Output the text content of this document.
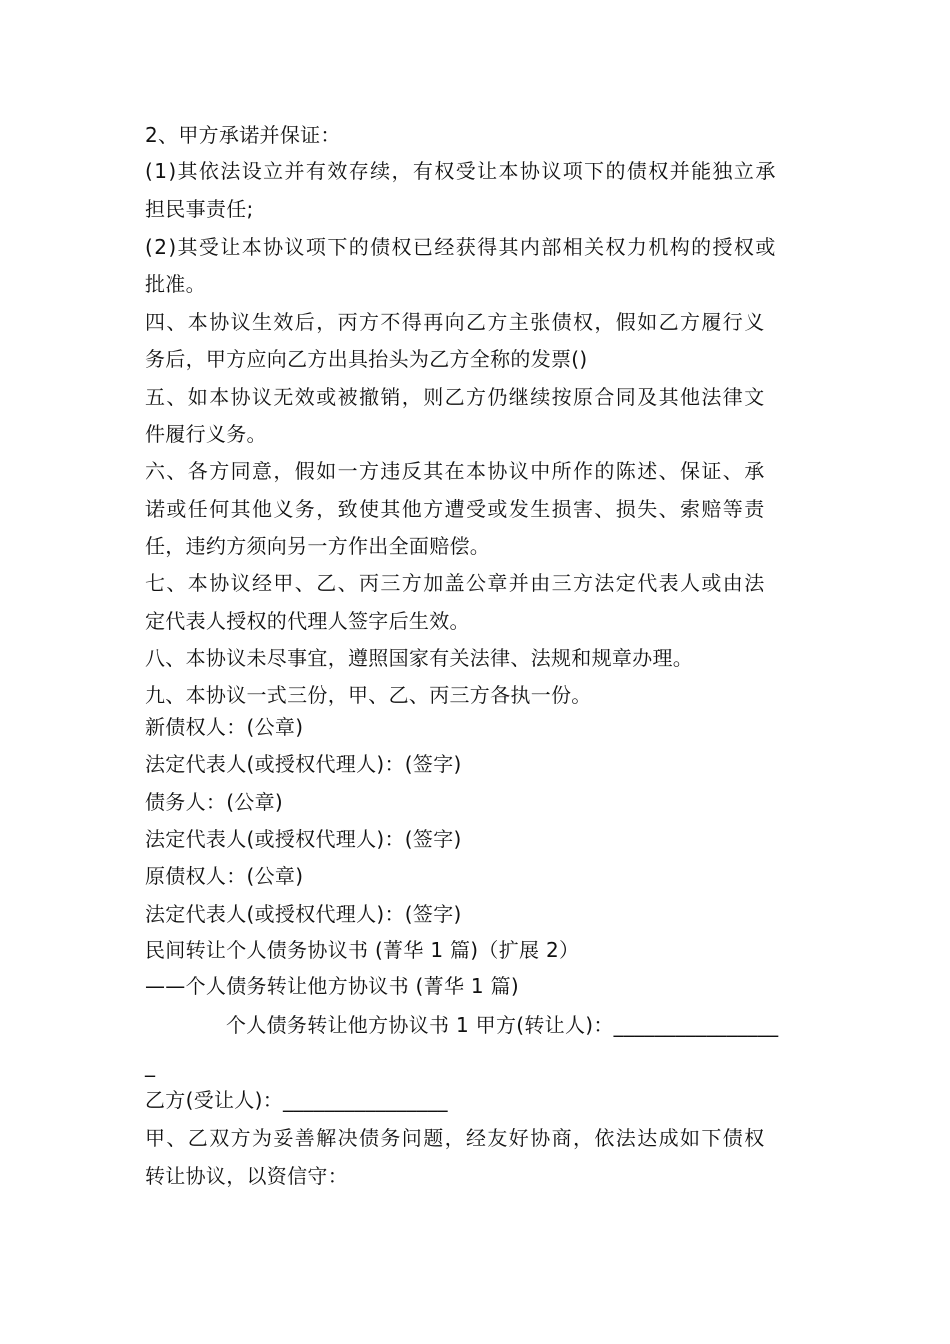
2、甲方承诺并保证：
(1)其依法设立并有效存续，有权受让本协议项下的债权并能独立承
担民事责任;
(2)其受让本协议项下的债权已经获得其内部相关权力机构的授权或
批准。
四、本协议生效后，丙方不得再向乙方主张债权，假如乙方履行义
务后，甲方应向乙方出具抬头为乙方全称的发票()
五、如本协议无效或被撤销，则乙方仍继续按原合同及其他法律文
件履行义务。
六、各方同意，假如一方违反其在本协议中所作的陈述、保证、承
诺或任何其他义务，致使其他方遭受或发生损害、损失、索赔等责
任，违约方须向另一方作出全面赔偿。
七、本协议经甲、乙、丙三方加盖公章并由三方法定代表人或由法
定代表人授权的代理人签字后生效。
八、本协议未尽事宜，遵照国家有关法律、法规和规章办理。
九、本协议一式三份，甲、乙、丙三方各执一份。
新债权人：(公章)
法定代表人(或授权代理人)：(签字)
债务人：(公章)
法定代表人(或授权代理人)：(签字)
原债权人：(公章)
法定代表人(或授权代理人)：(签字)
民间转让个人债务协议书 (菁华 1 篇)（扩展 2）
——个人债务转让他方协议书 (菁华 1 篇)
个人债务转让他方协议书 1 甲方(转让人)：________________
_
乙方(受让人)：________________
甲、乙双方为妥善解决债务问题，经友好协商，依法达成如下债权
转让协议，以资信守：
